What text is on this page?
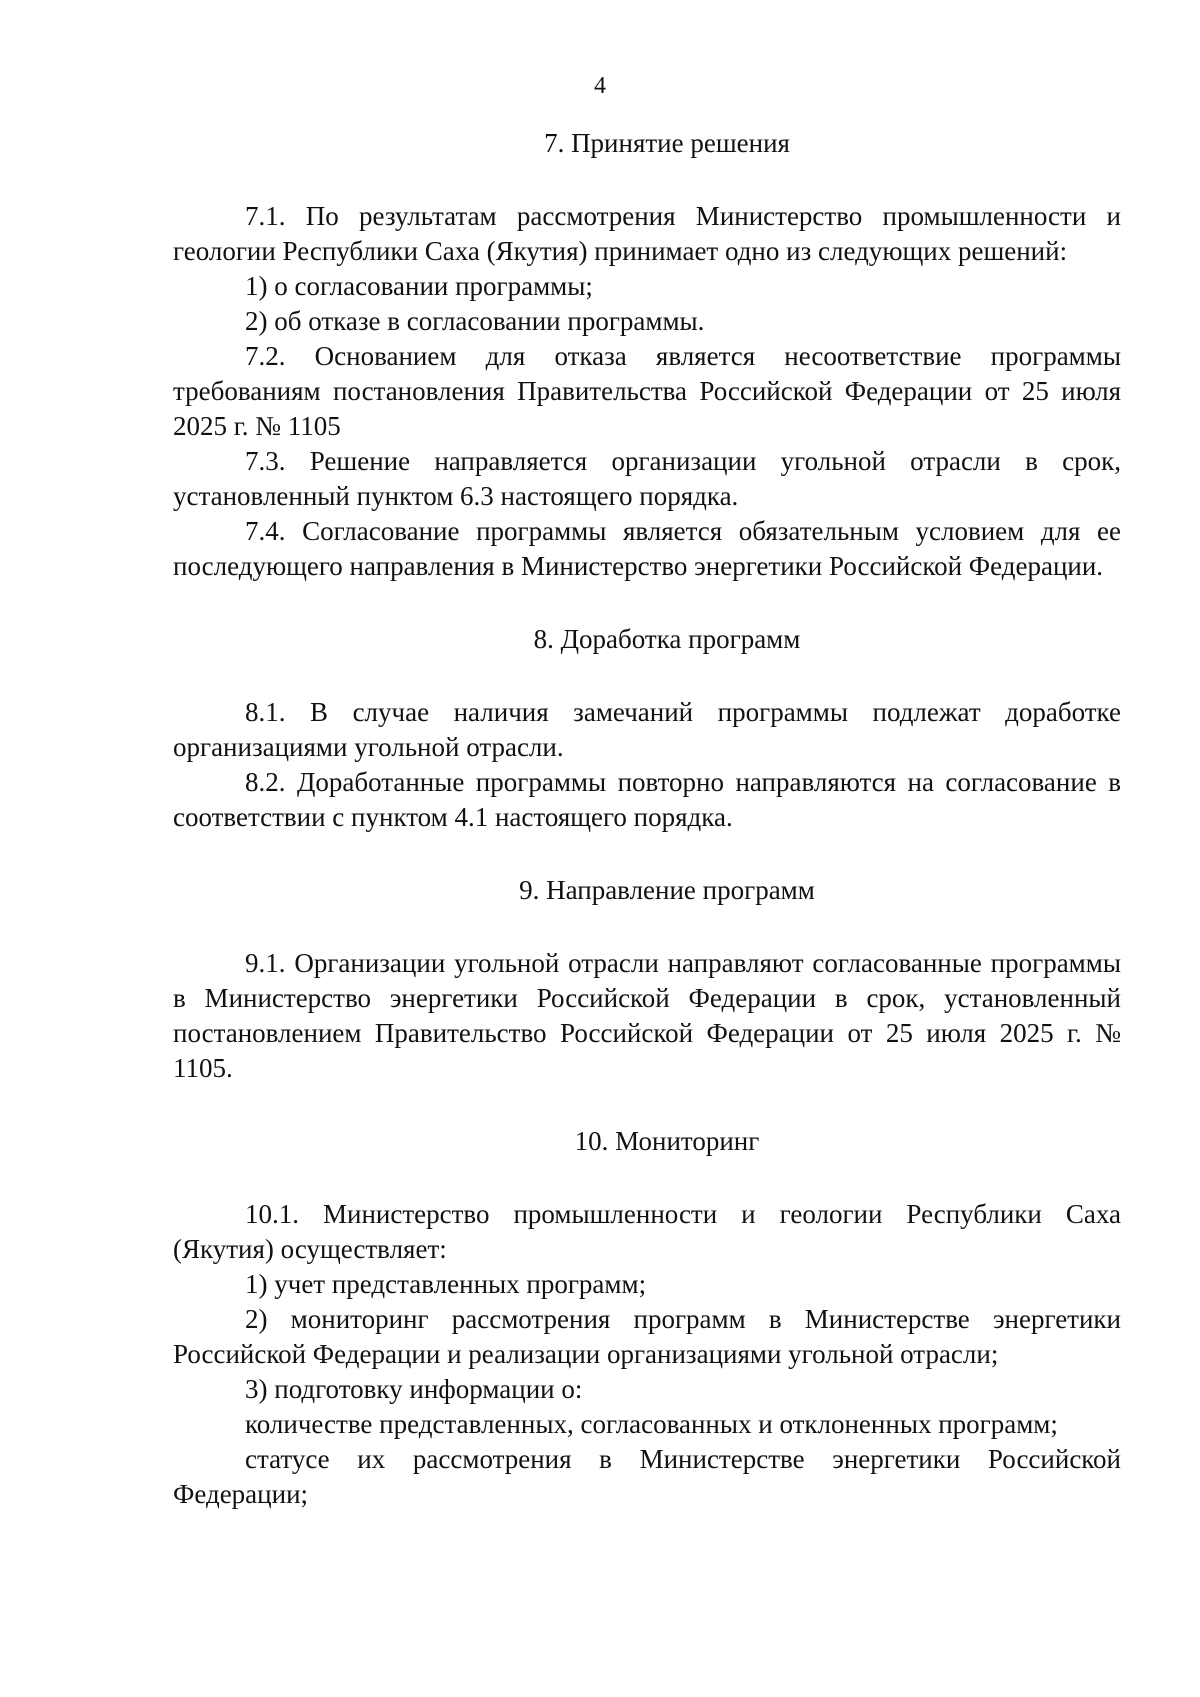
4
7. Принятие решения

7.1. По результатам рассмотрения Министерство промышленности и геологии Республики Саха (Якутия) принимает одно из следующих решений:

1) о согласовании программы;

2) об отказе в согласовании программы.

7.2. Основанием для отказа является несоответствие программы требованиям постановления Правительства Российской Федерации от 25 июля 2025 г. № 1105

7.3. Решение направляется организации угольной отрасли в срок, установленный пунктом 6.3 настоящего порядка.

7.4. Согласование программы является обязательным условием для ее последующего направления в Министерство энергетики Российской Федерации.

8. Доработка программ

8.1. В случае наличия замечаний программы подлежат доработке организациями угольной отрасли.

8.2. Доработанные программы повторно направляются на согласование в соответствии с пунктом 4.1 настоящего порядка.

9. Направление программ

9.1. Организации угольной отрасли направляют согласованные программы в Министерство энергетики Российской Федерации в срок, установленный постановлением Правительство Российской Федерации от 25 июля 2025 г. № 1105.

10. Мониторинг

10.1. Министерство промышленности и геологии Республики Саха (Якутия) осуществляет:

1) учет представленных программ;

2) мониторинг рассмотрения программ в Министерстве энергетики Российской Федерации и реализации организациями угольной отрасли;

3) подготовку информации о:

количестве представленных, согласованных и отклоненных программ;

статусе их рассмотрения в Министерстве энергетики Российской Федерации;
